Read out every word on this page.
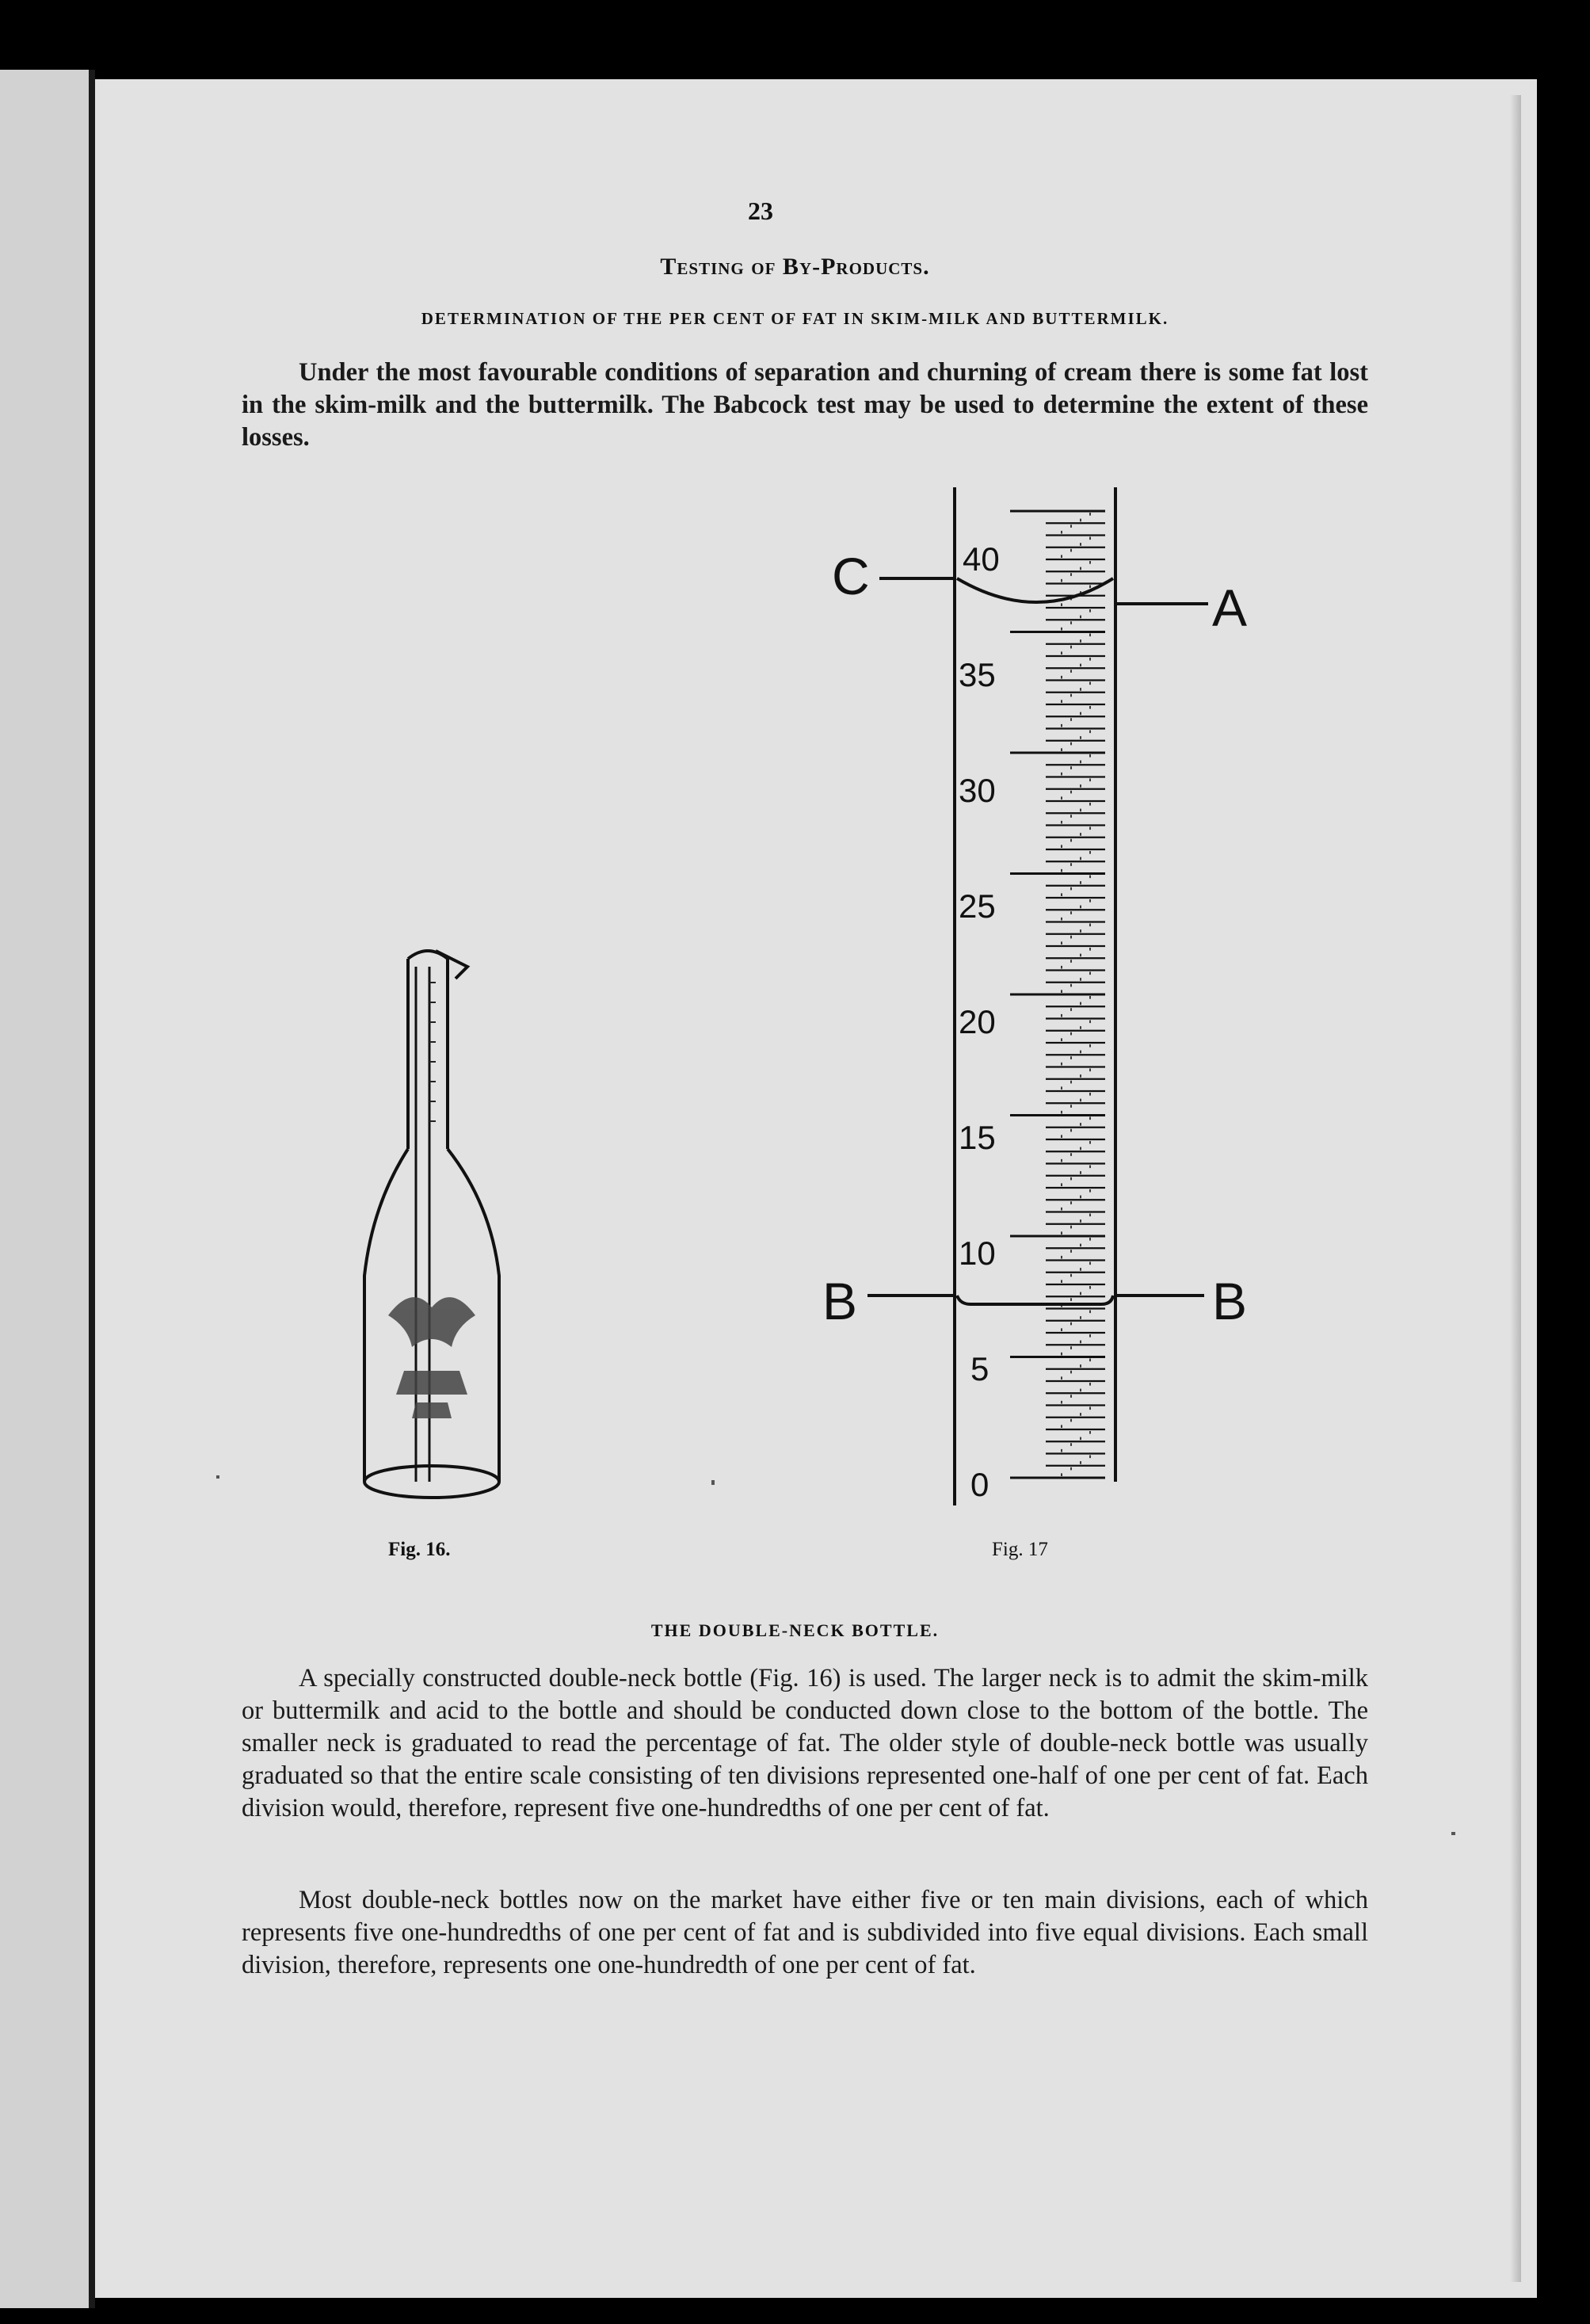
23
Testing of By-Products.
DETERMINATION OF THE PER CENT OF FAT IN SKIM-MILK AND BUTTERMILK.

Under the most favourable conditions of separation and churning of cream there is some fat lost in the skim-milk and the buttermilk. The Babcock test may be used to determine the extent of these losses.

C
A
B	B
40
35
30
25
20
15
10
5
0
Fig. 16.	Fig. 17
THE DOUBLE-NECK BOTTLE.

A specially constructed double-neck bottle (Fig. 16) is used. The larger neck is to admit the skim-milk or buttermilk and acid to the bottle and should be conducted down close to the bottom of the bottle. The smaller neck is graduated to read the percentage of fat. The older style of double-neck bottle was usually graduated so that the entire scale consisting of ten divisions represented one-half of one per cent of fat. Each division would, therefore, represent five one-hundredths of one per cent of fat.

Most double-neck bottles now on the market have either five or ten main divisions, each of which represents five one-hundredths of one per cent of fat and is subdivided into five equal divisions. Each small division, therefore, represents one one-hundredth of one per cent of fat.
